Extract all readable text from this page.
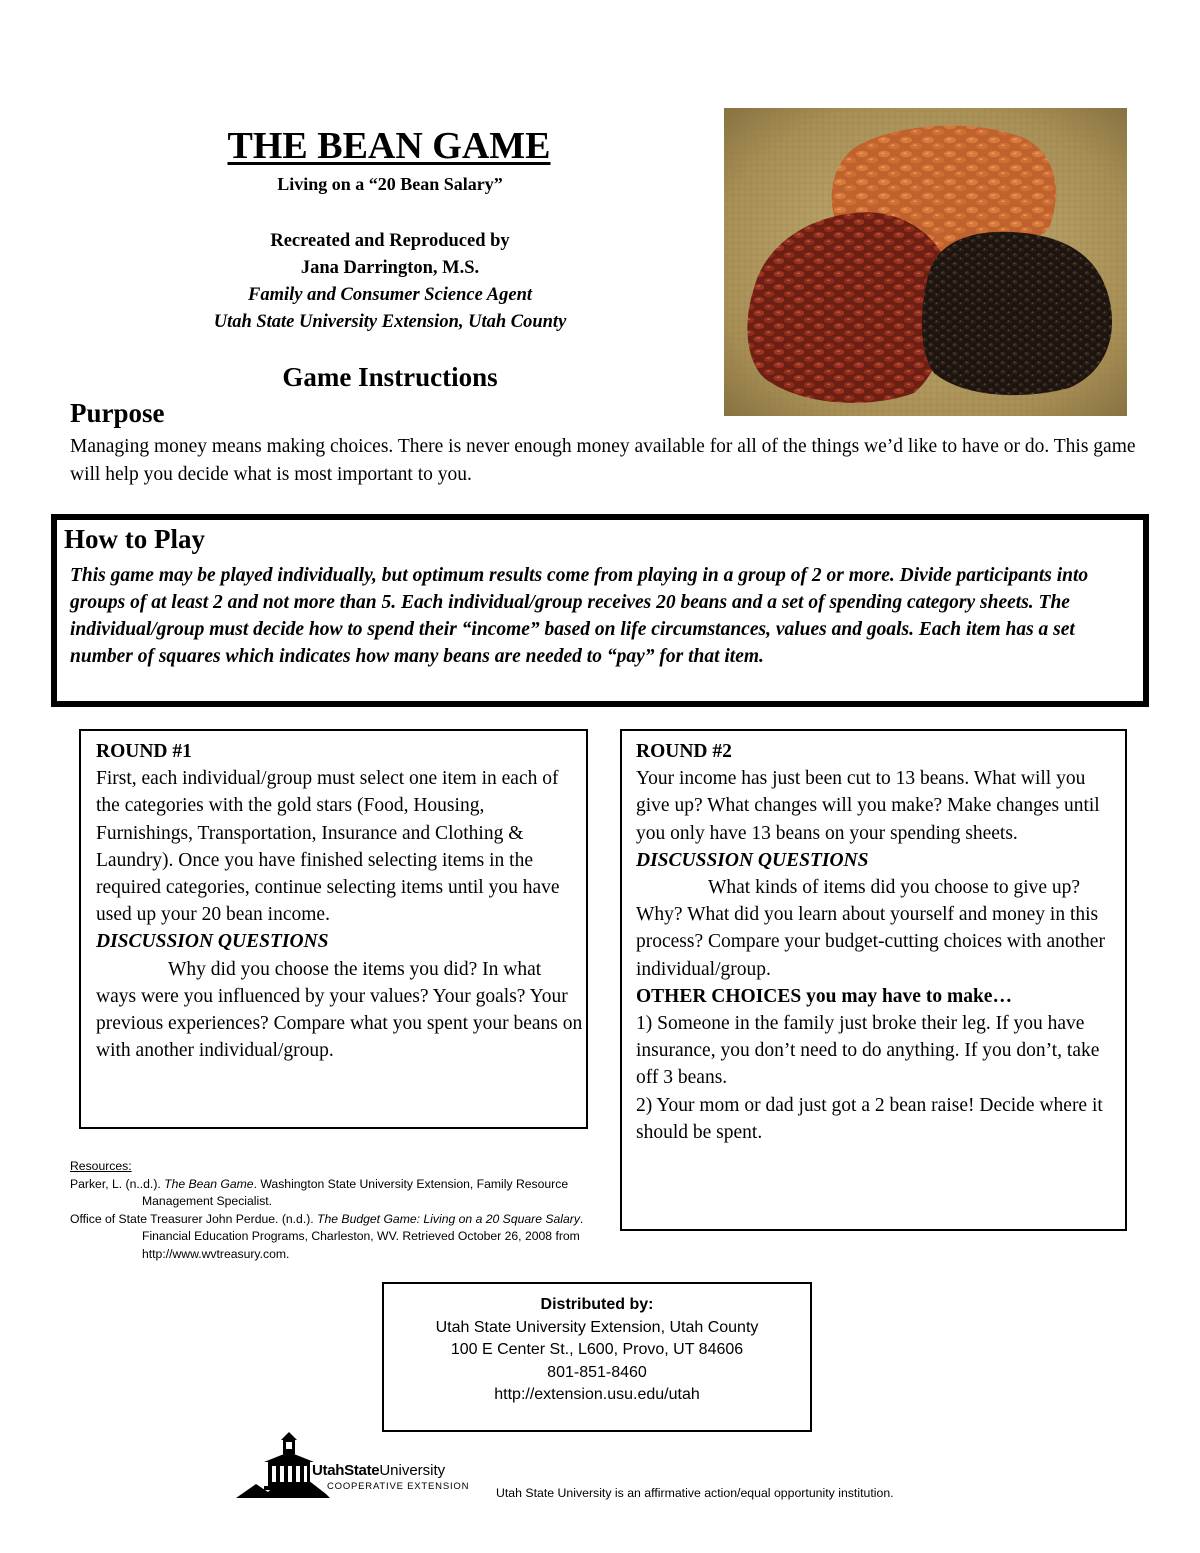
THE BEAN GAME
Living on a “20 Bean Salary”
Recreated and Reproduced by
Jana Darrington, M.S.
Family and Consumer Science Agent
Utah State University Extension, Utah County
Game Instructions
Purpose
Managing money means making choices. There is never enough money available for all of the things we’d like to have or do. This game will help you decide what is most important to you.
How to Play
This game may be played individually, but optimum results come from playing in a group of 2 or more. Divide participants into groups of at least 2 and not more than 5. Each individual/group receives 20 beans and a set of spending category sheets. The individual/group must decide how to spend their “income” based on life circumstances, values and goals. Each item has a set number of squares which indicates how many beans are needed to “pay” for that item.
ROUND #1
First, each individual/group must select one item in each of the categories with the gold stars (Food, Housing, Furnishings, Transportation, Insurance and Clothing & Laundry). Once you have finished selecting items in the required categories, continue selecting items until you have used up your 20 bean income.
DISCUSSION QUESTIONS
Why did you choose the items you did? In what ways were you influenced by your values? Your goals? Your previous experiences? Compare what you spent your beans on with another individual/group.
ROUND #2
Your income has just been cut to 13 beans. What will you give up? What changes will you make? Make changes until you only have 13 beans on your spending sheets.
DISCUSSION QUESTIONS
What kinds of items did you choose to give up? Why? What did you learn about yourself and money in this process? Compare your budget-cutting choices with another individual/group.
OTHER CHOICES you may have to make…
1) Someone in the family just broke their leg. If you have insurance, you don’t need to do anything. If you don’t, take off 3 beans.
2) Your mom or dad just got a 2 bean raise! Decide where it should be spent.
Resources:
Parker, L. (n..d.). The Bean Game. Washington State University Extension, Family Resource Management Specialist.
Office of State Treasurer John Perdue. (n.d.). The Budget Game: Living on a 20 Square Salary. Financial Education Programs, Charleston, WV. Retrieved October 26, 2008 from http://www.wvtreasury.com.
Distributed by:
Utah State University Extension, Utah County
100 E Center St., L600, Provo, UT 84606
801-851-8460
http://extension.usu.edu/utah
UtahStateUniversity
COOPERATIVE EXTENSION Utah State University is an affirmative action/equal opportunity institution.
